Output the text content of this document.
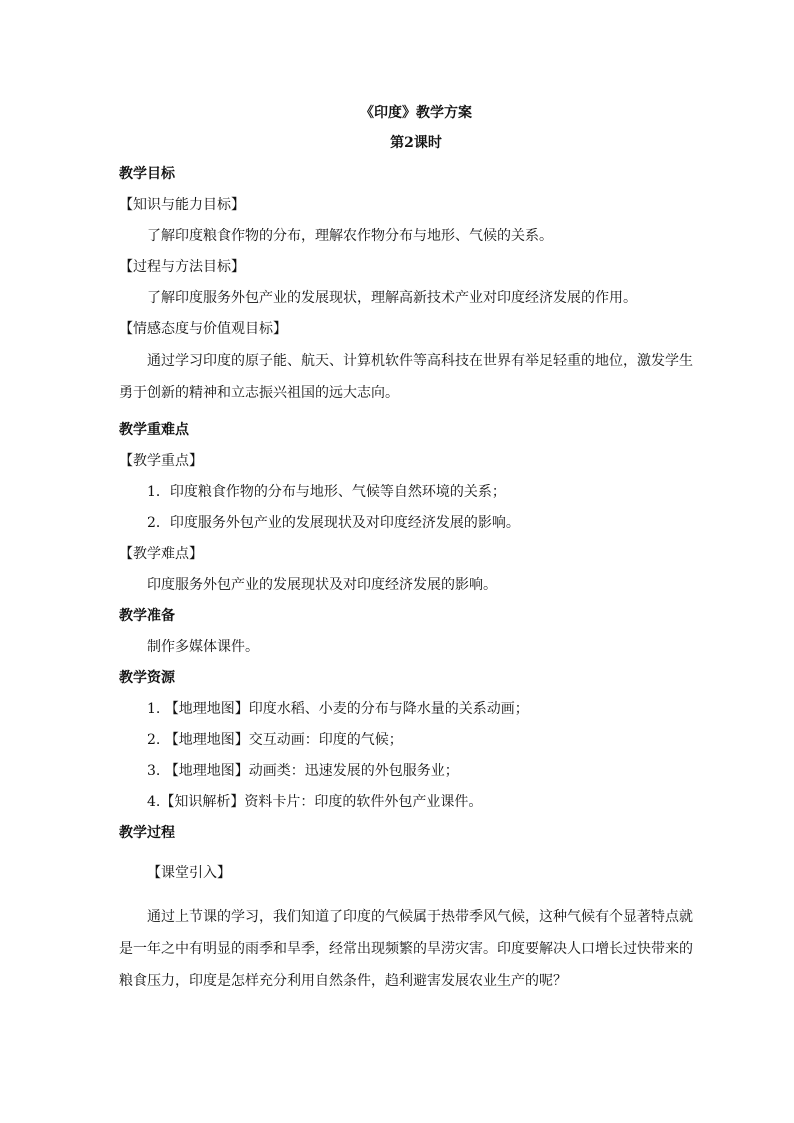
《印度》教学方案
第2课时
教学目标
【知识与能力目标】
了解印度粮食作物的分布，理解农作物分布与地形、气候的关系。
【过程与方法目标】
了解印度服务外包产业的发展现状，理解高新技术产业对印度经济发展的作用。
【情感态度与价值观目标】
通过学习印度的原子能、航天、计算机软件等高科技在世界有举足轻重的地位，激发学生勇于创新的精神和立志振兴祖国的远大志向。
教学重难点
【教学重点】
1．印度粮食作物的分布与地形、气候等自然环境的关系；
2．印度服务外包产业的发展现状及对印度经济发展的影响。
【教学难点】
印度服务外包产业的发展现状及对印度经济发展的影响。
教学准备
制作多媒体课件。
教学资源
1. 【地理地图】印度水稻、小麦的分布与降水量的关系动画；
2. 【地理地图】交互动画：印度的气候；
3. 【地理地图】动画类：迅速发展的外包服务业；
4.【知识解析】资料卡片：印度的软件外包产业课件。
教学过程
【课堂引入】
通过上节课的学习，我们知道了印度的气候属于热带季风气候，这种气候有个显著特点就是一年之中有明显的雨季和旱季，经常出现频繁的旱涝灾害。印度要解决人口增长过快带来的粮食压力，印度是怎样充分利用自然条件，趋利避害发展农业生产的呢？
